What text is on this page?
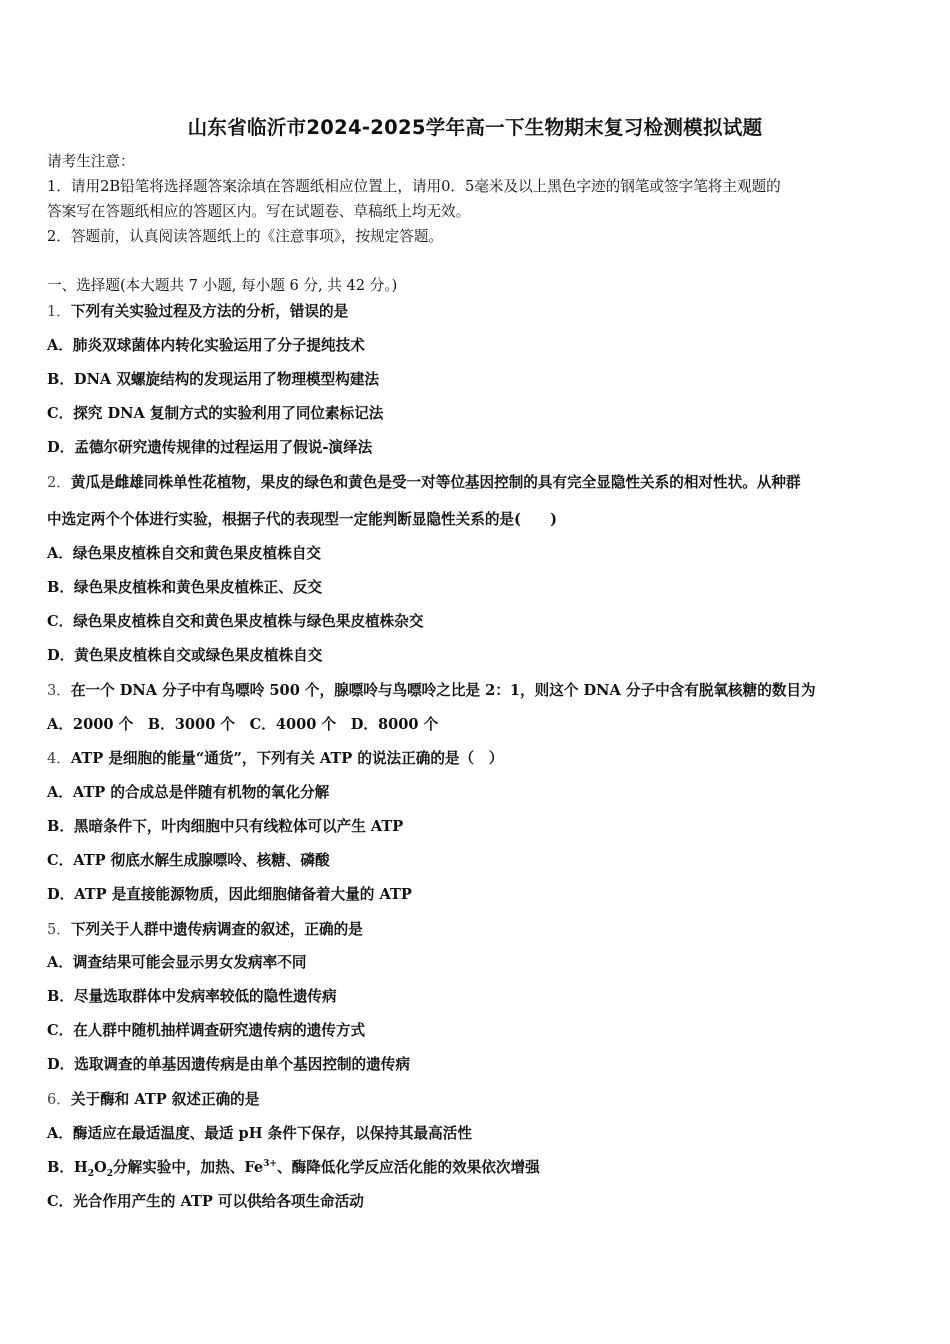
山东省临沂市2024-2025学年高一下生物期末复习检测模拟试题
请考生注意：
1．请用2B铅笔将选择题答案涂填在答题纸相应位置上，请用0．5毫米及以上黑色字迹的钢笔或签字笔将主观题的
答案写在答题纸相应的答题区内。写在试题卷、草稿纸上均无效。
2．答题前，认真阅读答题纸上的《注意事项》，按规定答题。
一、选择题(本大题共 7 小题, 每小题 6 分, 共 42 分。)
1．下列有关实验过程及方法的分析，错误的是
A．肺炎双球菌体内转化实验运用了分子提纯技术
B．DNA 双螺旋结构的发现运用了物理模型构建法
C．探究 DNA 复制方式的实验利用了同位素标记法
D．孟德尔研究遗传规律的过程运用了假说-演绎法
2．黄瓜是雌雄同株单性花植物，果皮的绿色和黄色是受一对等位基因控制的具有完全显隐性关系的相对性状。从种群
中选定两个个体进行实验，根据子代的表现型一定能判断显隐性关系的是(　　)
A．绿色果皮植株自交和黄色果皮植株自交
B．绿色果皮植株和黄色果皮植株正、反交
C．绿色果皮植株自交和黄色果皮植株与绿色果皮植株杂交
D．黄色果皮植株自交或绿色果皮植株自交
3．在一个 DNA 分子中有鸟嘌呤 500 个，腺嘌呤与鸟嘌呤之比是 2：1，则这个 DNA 分子中含有脱氧核糖的数目为
A．2000 个　B．3000 个　C．4000 个　D．8000 个
4．ATP 是细胞的能量“通货”，下列有关 ATP 的说法正确的是（　）
A．ATP 的合成总是伴随有机物的氧化分解
B．黑暗条件下，叶肉细胞中只有线粒体可以产生 ATP
C．ATP 彻底水解生成腺嘌呤、核糖、磷酸
D．ATP 是直接能源物质，因此细胞储备着大量的 ATP
5．下列关于人群中遗传病调查的叙述，正确的是
A．调查结果可能会显示男女发病率不同
B．尽量选取群体中发病率较低的隐性遗传病
C．在人群中随机抽样调查研究遗传病的遗传方式
D．选取调查的单基因遗传病是由单个基因控制的遗传病
6．关于酶和 ATP 叙述正确的是
A．酶适应在最适温度、最适 pH 条件下保存，以保持其最高活性
B．$H_2O_2$分解实验中，加热、$Fe^{3+}$、酶降低化学反应活化能的效果依次增强
C．光合作用产生的 ATP 可以供给各项生命活动
